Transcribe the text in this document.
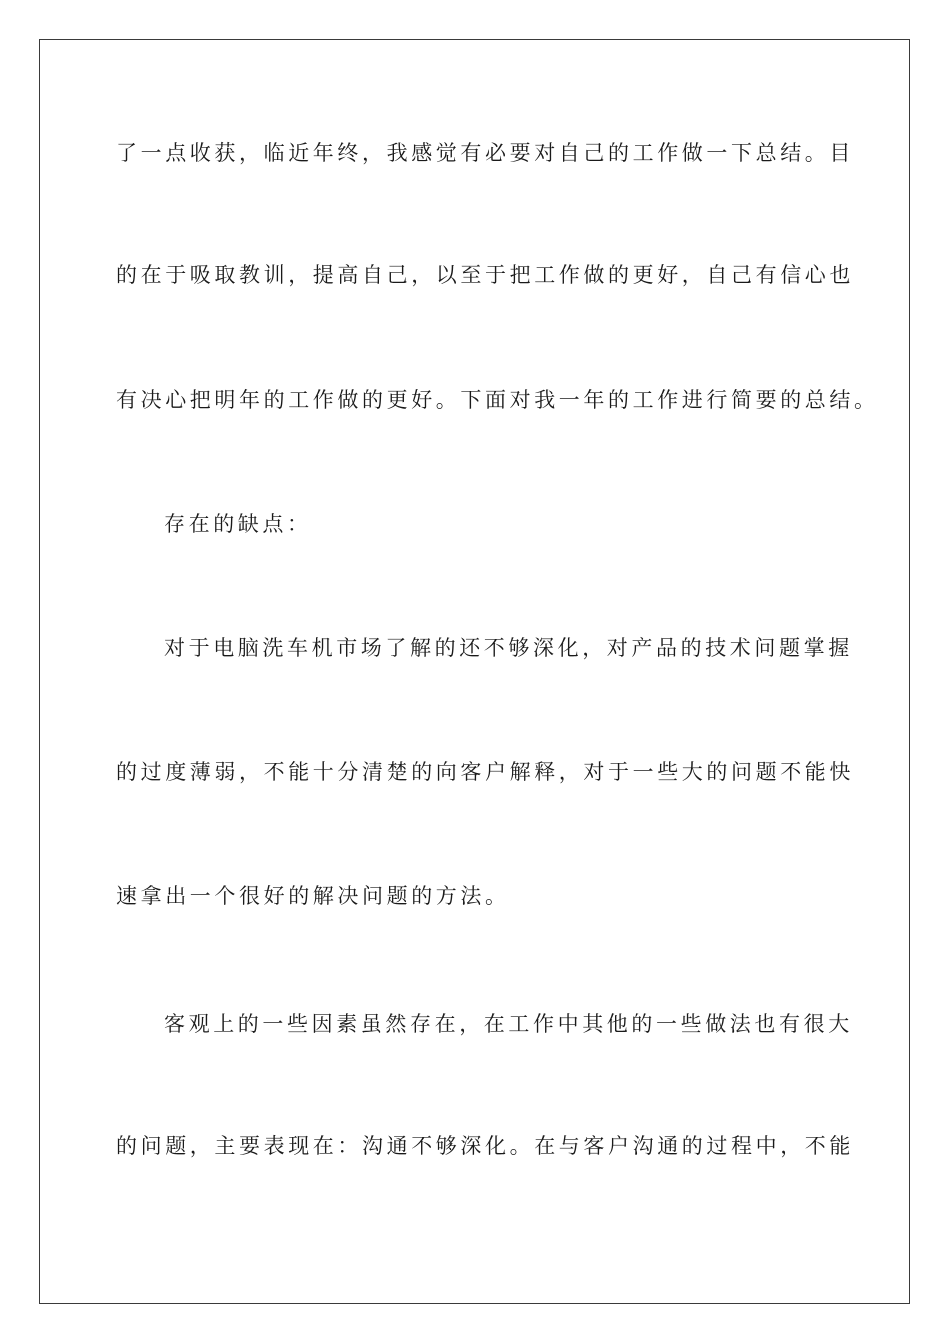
了一点收获，临近年终，我感觉有必要对自己的工作做一下总结。目
的在于吸取教训，提高自己，以至于把工作做的更好，自己有信心也
有决心把明年的工作做的更好。下面对我一年的工作进行简要的总结。
存在的缺点：
对于电脑洗车机市场了解的还不够深化，对产品的技术问题掌握
的过度薄弱，不能十分清楚的向客户解释，对于一些大的问题不能快
速拿出一个很好的解决问题的方法。
客观上的一些因素虽然存在，在工作中其他的一些做法也有很大
的问题，主要表现在：沟通不够深化。在与客户沟通的过程中，不能
